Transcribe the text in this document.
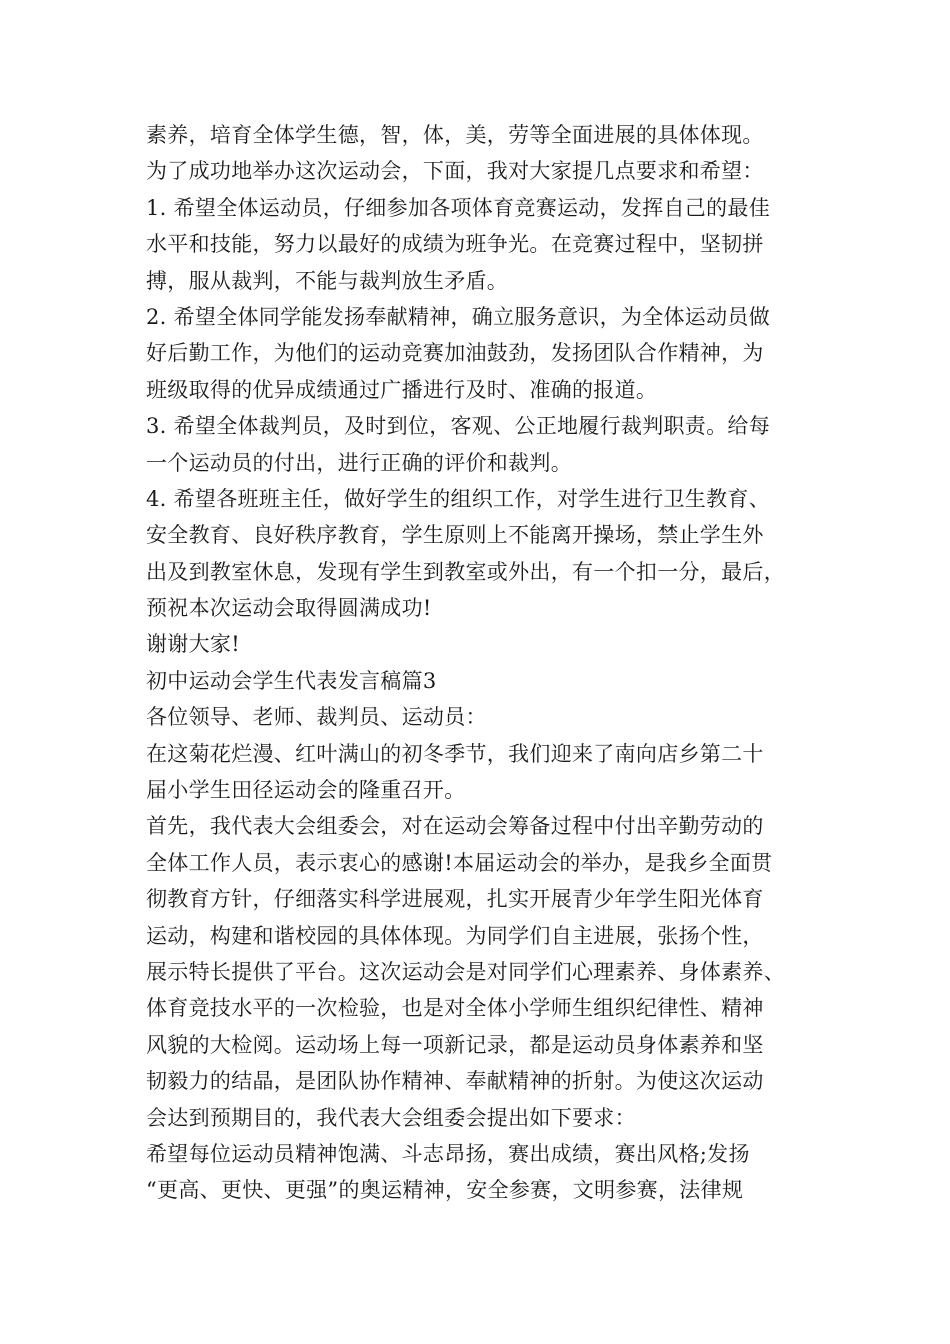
素养，培育全体学生德，智，体，美，劳等全面进展的具体体现。
为了成功地举办这次运动会，下面，我对大家提几点要求和希望：
1. 希望全体运动员，仔细参加各项体育竞赛运动，发挥自己的最佳
水平和技能，努力以最好的成绩为班争光。在竞赛过程中，坚韧拼
搏，服从裁判，不能与裁判放生矛盾。
2. 希望全体同学能发扬奉献精神，确立服务意识，为全体运动员做
好后勤工作，为他们的运动竞赛加油鼓劲，发扬团队合作精神，为
班级取得的优异成绩通过广播进行及时、准确的报道。
3. 希望全体裁判员，及时到位，客观、公正地履行裁判职责。给每
一个运动员的付出，进行正确的评价和裁判。
4. 希望各班班主任，做好学生的组织工作，对学生进行卫生教育、
安全教育、良好秩序教育，学生原则上不能离开操场，禁止学生外
出及到教室休息，发现有学生到教室或外出，有一个扣一分，最后，
预祝本次运动会取得圆满成功!
谢谢大家!
初中运动会学生代表发言稿篇3
各位领导、老师、裁判员、运动员：
在这菊花烂漫、红叶满山的初冬季节，我们迎来了南向店乡第二十
届小学生田径运动会的隆重召开。
首先，我代表大会组委会，对在运动会筹备过程中付出辛勤劳动的
全体工作人员，表示衷心的感谢!本届运动会的举办，是我乡全面贯
彻教育方针，仔细落实科学进展观，扎实开展青少年学生阳光体育
运动，构建和谐校园的具体体现。为同学们自主进展，张扬个性，
展示特长提供了平台。这次运动会是对同学们心理素养、身体素养、
体育竞技水平的一次检验，也是对全体小学师生组织纪律性、精神
风貌的大检阅。运动场上每一项新记录，都是运动员身体素养和坚
韧毅力的结晶，是团队协作精神、奉献精神的折射。为使这次运动
会达到预期目的，我代表大会组委会提出如下要求：
希望每位运动员精神饱满、斗志昂扬，赛出成绩，赛出风格;发扬
“更高、更快、更强”的奥运精神，安全参赛，文明参赛，法律规
